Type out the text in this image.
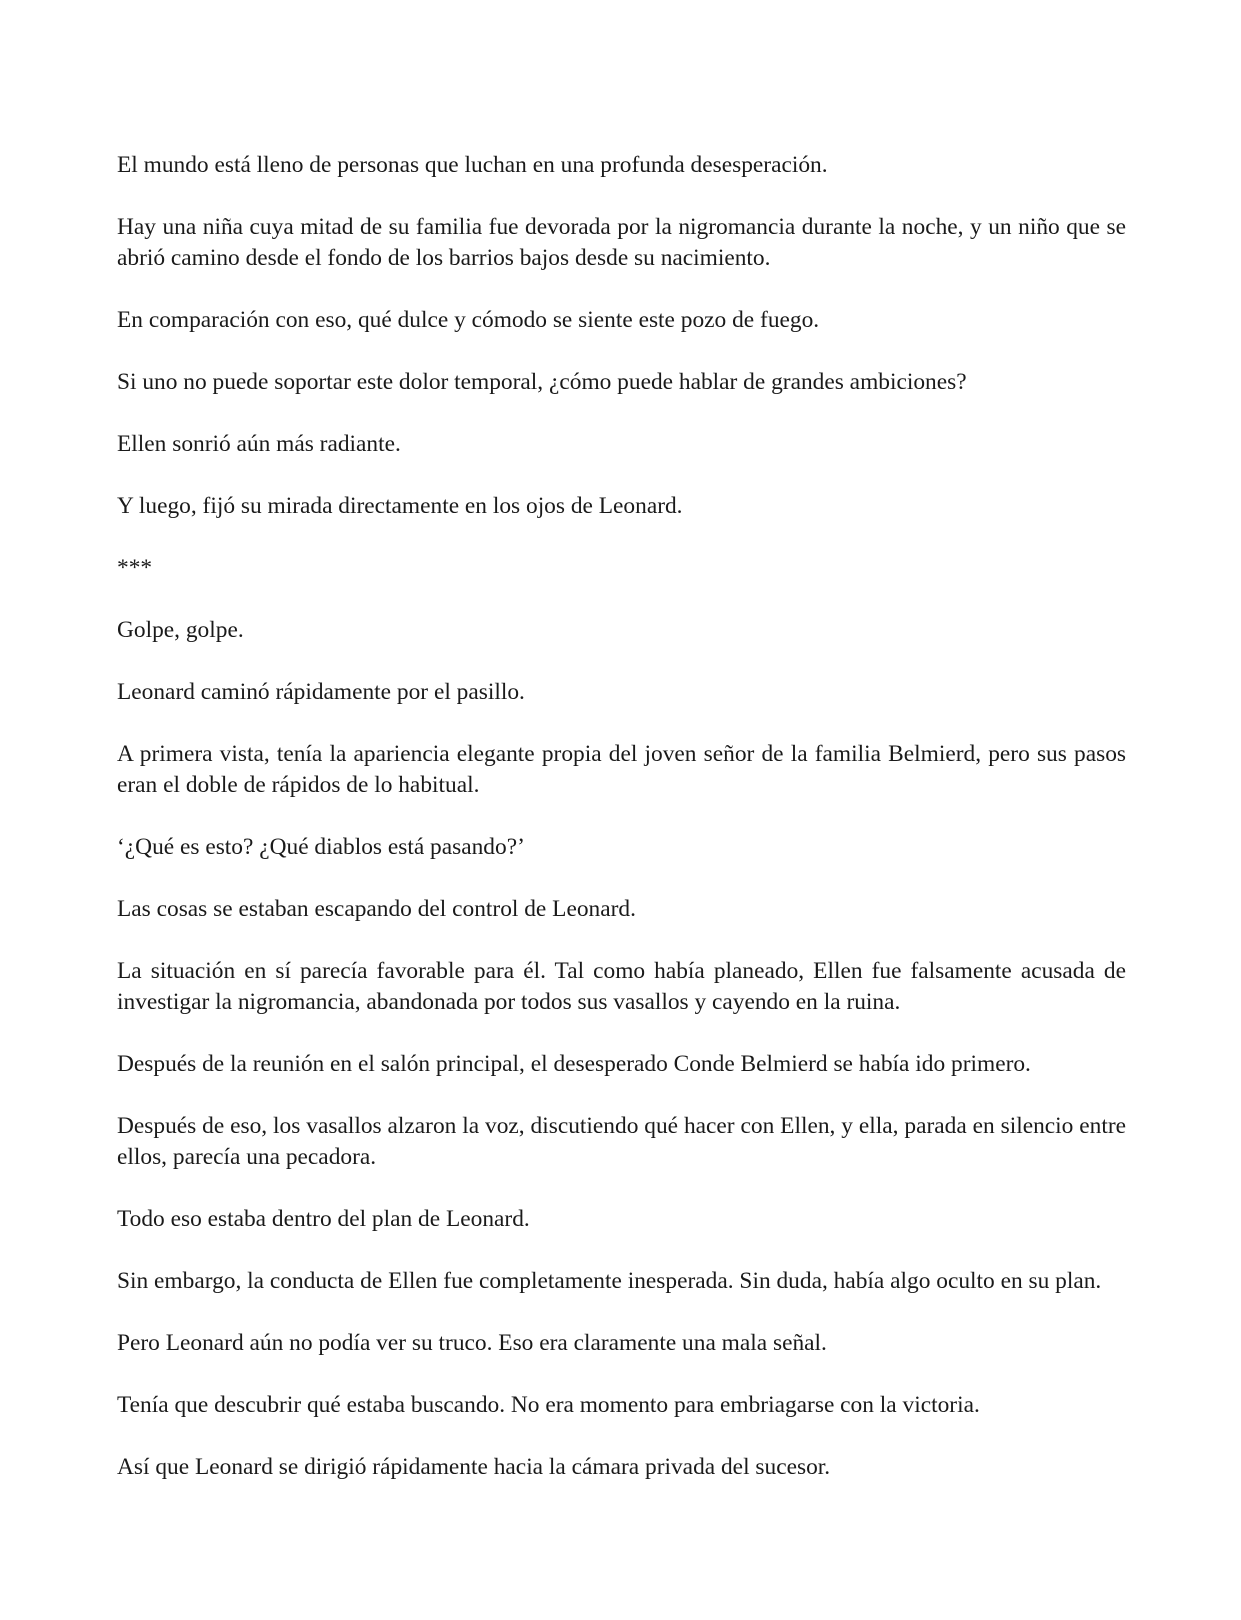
El mundo está lleno de personas que luchan en una profunda desesperación.

Hay una niña cuya mitad de su familia fue devorada por la nigromancia durante la noche, y un niño que se abrió camino desde el fondo de los barrios bajos desde su nacimiento.

En comparación con eso, qué dulce y cómodo se siente este pozo de fuego.

Si uno no puede soportar este dolor temporal, ¿cómo puede hablar de grandes ambiciones?

Ellen sonrió aún más radiante.

Y luego, fijó su mirada directamente en los ojos de Leonard.

***

Golpe, golpe.

Leonard caminó rápidamente por el pasillo.

A primera vista, tenía la apariencia elegante propia del joven señor de la familia Belmierd, pero sus pasos eran el doble de rápidos de lo habitual.

‘¿Qué es esto? ¿Qué diablos está pasando?’

Las cosas se estaban escapando del control de Leonard.

La situación en sí parecía favorable para él. Tal como había planeado, Ellen fue falsamente acusada de investigar la nigromancia, abandonada por todos sus vasallos y cayendo en la ruina.

Después de la reunión en el salón principal, el desesperado Conde Belmierd se había ido primero.

Después de eso, los vasallos alzaron la voz, discutiendo qué hacer con Ellen, y ella, parada en silencio entre ellos, parecía una pecadora.

Todo eso estaba dentro del plan de Leonard.

Sin embargo, la conducta de Ellen fue completamente inesperada. Sin duda, había algo oculto en su plan.

Pero Leonard aún no podía ver su truco. Eso era claramente una mala señal.

Tenía que descubrir qué estaba buscando. No era momento para embriagarse con la victoria.

Así que Leonard se dirigió rápidamente hacia la cámara privada del sucesor.
